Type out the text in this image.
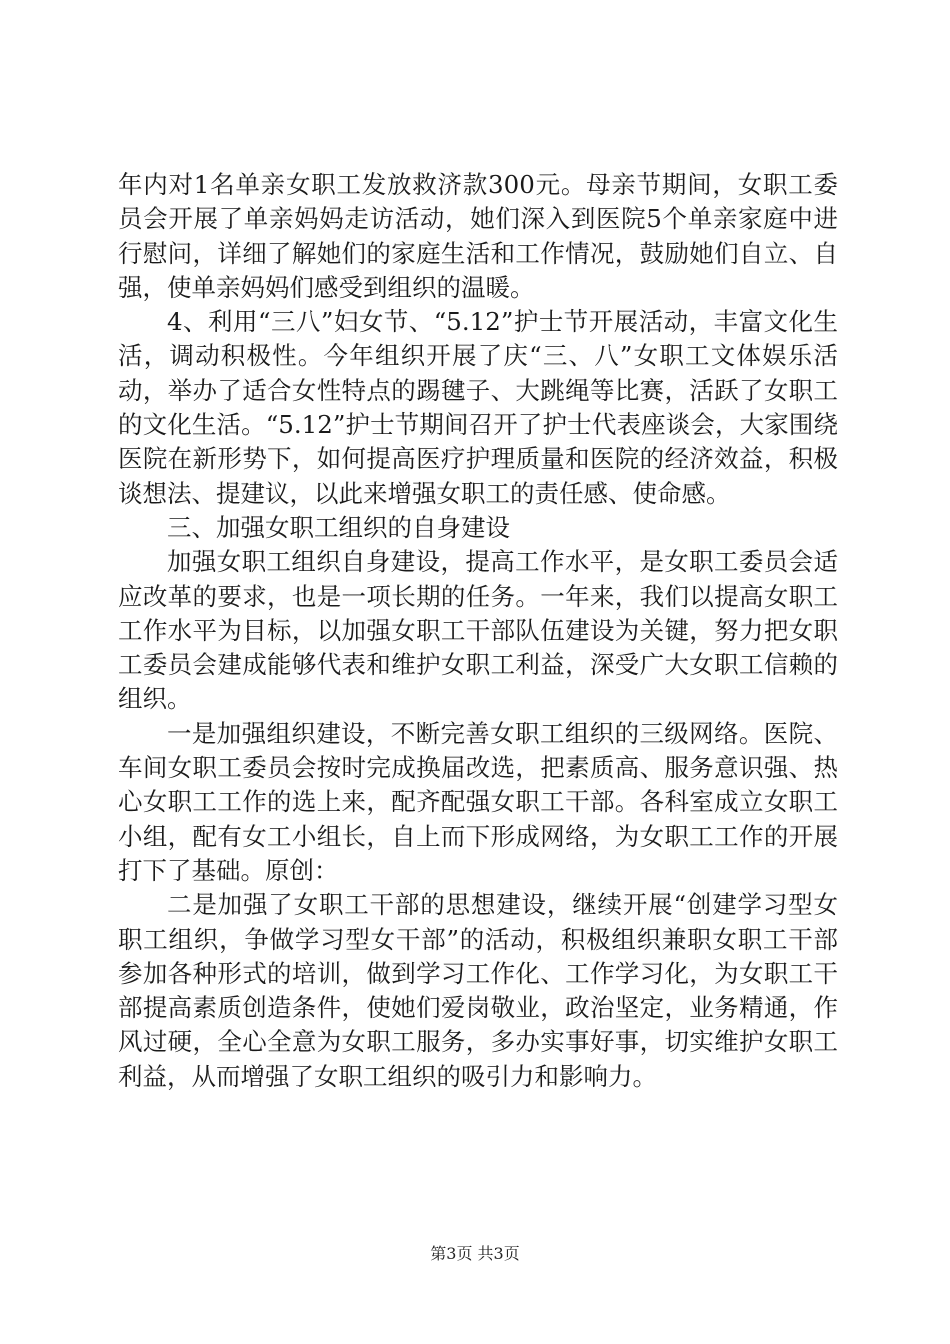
年内对1名单亲女职工发放救济款300元。母亲节期间，女职工委员会开展了单亲妈妈走访活动，她们深入到医院5个单亲家庭中进行慰问，详细了解她们的家庭生活和工作情况，鼓励她们自立、自强，使单亲妈妈们感受到组织的温暖。

4、利用“三八”妇女节、“5.12”护士节开展活动，丰富文化生活，调动积极性。今年组织开展了庆“三、八”女职工文体娱乐活动，举办了适合女性特点的踢毽子、大跳绳等比赛，活跃了女职工的文化生活。“5.12”护士节期间召开了护士代表座谈会，大家围绕医院在新形势下，如何提高医疗护理质量和医院的经济效益，积极谈想法、提建议，以此来增强女职工的责任感、使命感。

三、加强女职工组织的自身建设

加强女职工组织自身建设，提高工作水平，是女职工委员会适应改革的要求，也是一项长期的任务。一年来，我们以提高女职工工作水平为目标，以加强女职工干部队伍建设为关键，努力把女职工委员会建成能够代表和维护女职工利益，深受广大女职工信赖的组织。

一是加强组织建设，不断完善女职工组织的三级网络。医院、车间女职工委员会按时完成换届改选，把素质高、服务意识强、热心女职工工作的选上来，配齐配强女职工干部。各科室成立女职工小组，配有女工小组长，自上而下形成网络，为女职工工作的开展打下了基础。原创：

二是加强了女职工干部的思想建设，继续开展“创建学习型女职工组织，争做学习型女干部”的活动，积极组织兼职女职工干部参加各种形式的培训，做到学习工作化、工作学习化，为女职工干部提高素质创造条件，使她们爱岗敬业，政治坚定，业务精通，作风过硬，全心全意为女职工服务，多办实事好事，切实维护女职工利益，从而增强了女职工组织的吸引力和影响力。

第3页 共3页
